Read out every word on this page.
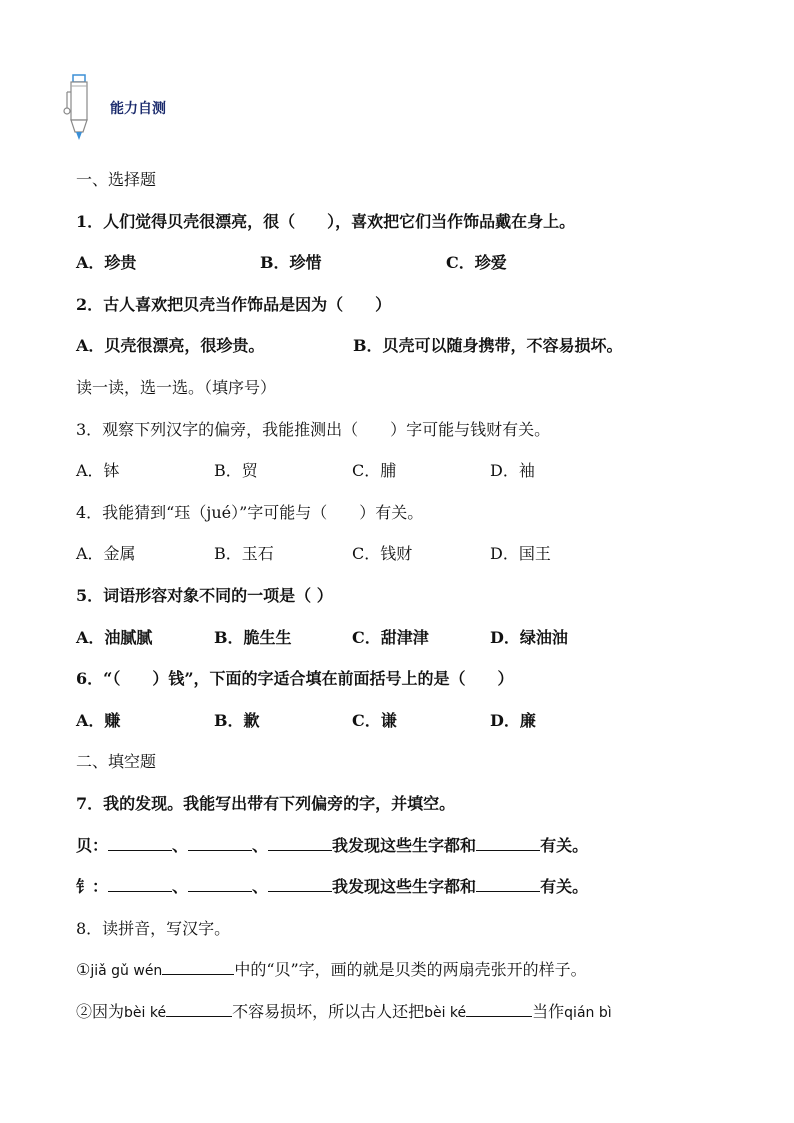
能力自测
一、选择题
1．人们觉得贝壳很漂亮，很（　　），喜欢把它们当作饰品戴在身上。
A．珍贵	B．珍惜	C．珍爱
2．古人喜欢把贝壳当作饰品是因为（　　）
A．贝壳很漂亮，很珍贵。	B．贝壳可以随身携带，不容易损坏。
读一读，选一选。（填序号）
3．观察下列汉字的偏旁，我能推测出（　　）字可能与钱财有关。
A．钵	B．贸	C．脯	D．袖
4．我能猜到“珏（jué）”字可能与（　　）有关。
A．金属	B．玉石	C．钱财	D．国王
5．词语形容对象不同的一项是（ ）
A．油腻腻	B．脆生生	C．甜津津	D．绿油油
6．“（　　）钱”，下面的字适合填在前面括号上的是（　　）
A．赚	B．歉	C．谦	D．廉
二、填空题
7．我的发现。我能写出带有下列偏旁的字，并填空。
贝：	、	、	我发现这些生字都和	有关。
钅：	、	、	我发现这些生字都和	有关。
8．读拼音，写汉字。
①jiǎ gǔ wén	中的“贝”字，画的就是贝类的两扇壳张开的样子。
②因为bèi ké	不容易损坏，所以古人还把bèi ké	当作qián bì
